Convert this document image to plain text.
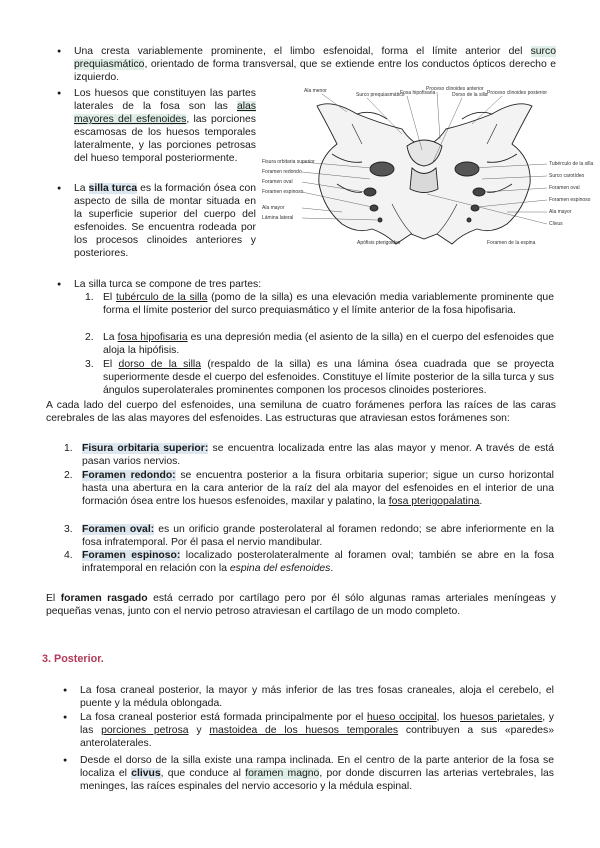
● Una cresta variablemente prominente, el limbo esfenoidal, forma el límite anterior del surco prequiasmático, orientado de forma transversal, que se extiende entre los conductos ópticos derecho e izquierdo.
● Los huesos que constituyen las partes laterales de la fosa son las alas mayores del esfenoides, las porciones escamosas de los huesos temporales lateralmente, y las porciones petrosas del hueso temporal posteriormente.
● La silla turca es la formación ósea con aspecto de silla de montar situada en la superficie superior del cuerpo del esfenoides. Se encuentra rodeada por los procesos clinoides anteriores y posteriores.
Ala menor
Surco prequiasmático
Fosa hipofisaria
Proceso clinoides anterior
Dorso de la silla Proceso clinoides posterior
Fisura orbitaria superior
Foramen redondo
Foramen oval
Foramen espinoso
Ala mayor
Lámina lateral
Tubérculo de la silla
Surco carotídeo
Foramen oval
Foramen espinoso
Ala mayor
Clivus
Apófisis pterigoides	Foramen de la espina
● La silla turca se compone de tres partes:
1. El tubérculo de la silla (pomo de la silla) es una elevación media variablemente prominente que forma el límite posterior del surco prequiasmático y el límite anterior de la fosa hipofisaria.
2. La fosa hipofisaria es una depresión media (el asiento de la silla) en el cuerpo del esfenoides que aloja la hipófisis.
3. El dorso de la silla (respaldo de la silla) es una lámina ósea cuadrada que se proyecta superiormente desde el cuerpo del esfenoides. Constituye el límite posterior de la silla turca y sus ángulos superolaterales prominentes componen los procesos clinoides posteriores.
A cada lado del cuerpo del esfenoides, una semiluna de cuatro forámenes perfora las raíces de las caras cerebrales de las alas mayores del esfenoides. Las estructuras que atraviesan estos forámenes son:
1. Fisura orbitaria superior: se encuentra localizada entre las alas mayor y menor. A través de está pasan varios nervios.
2. Foramen redondo: se encuentra posterior a la fisura orbitaria superior; sigue un curso horizontal hasta una abertura en la cara anterior de la raíz del ala mayor del esfenoides en el interior de una formación ósea entre los huesos esfenoides, maxilar y palatino, la fosa pterigopalatina.
3. Foramen oval: es un orificio grande posterolateral al foramen redondo; se abre inferiormente en la fosa infratemporal. Por él pasa el nervio mandibular.
4. Foramen espinoso: localizado posterolateralmente al foramen oval; también se abre en la fosa infratemporal en relación con la espina del esfenoides.
El foramen rasgado está cerrado por cartílago pero por él sólo algunas ramas arteriales meníngeas y pequeñas venas, junto con el nervio petroso atraviesan el cartílago de un modo completo.
3. Posterior.
● La fosa craneal posterior, la mayor y más inferior de las tres fosas craneales, aloja el cerebelo, el puente y la médula oblongada.
● La fosa craneal posterior está formada principalmente por el hueso occipital, los huesos parietales, y las porciones petrosa y mastoidea de los huesos temporales contribuyen a sus «paredes» anterolaterales.
● Desde el dorso de la silla existe una rampa inclinada. En el centro de la parte anterior de la fosa se localiza el clivus, que conduce al foramen magno, por donde discurren las arterias vertebrales, las meninges, las raíces espinales del nervio accesorio y la médula espinal.
